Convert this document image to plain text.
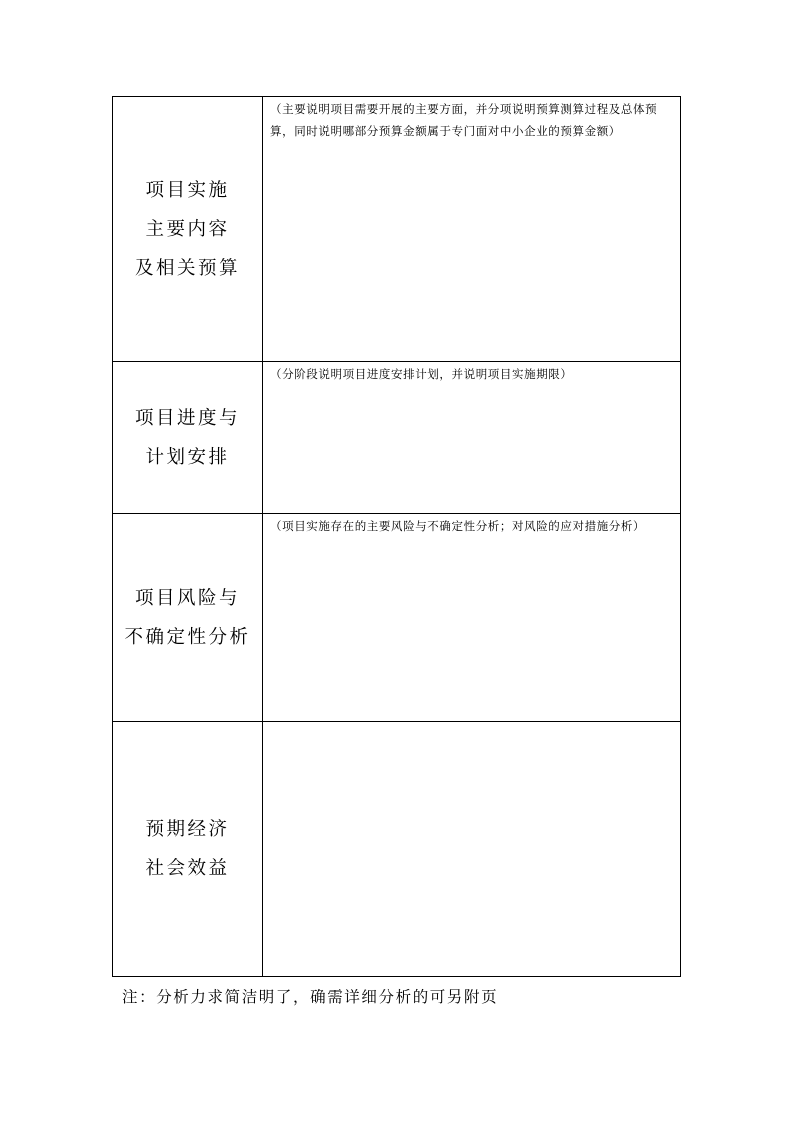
项目实施
主要内容
及相关预算	（主要说明项目需要开展的主要方面，并分项说明预算测算过程及总体预算，同时说明哪部分预算金额属于专门面对中小企业的预算金额）

项目进度与
计划安排	（分阶段说明项目进度安排计划，并说明项目实施期限）

项目风险与
不确定性分析	（项目实施存在的主要风险与不确定性分析；对风险的应对措施分析）

预期经济
社会效益	

注：分析力求简洁明了，确需详细分析的可另附页
